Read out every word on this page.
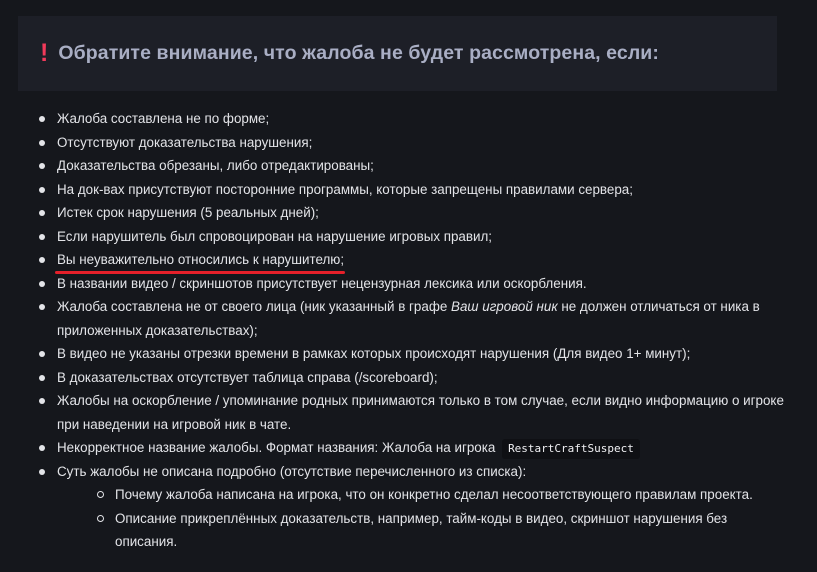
! Обратите внимание, что жалоба не будет рассмотрена, если:
Жалоба составлена не по форме;
Отсутствуют доказательства нарушения;
Доказательства обрезаны, либо отредактированы;
На док-вах присутствуют посторонние программы, которые запрещены правилами сервера;
Истек срок нарушения (5 реальных дней);
Если нарушитель был спровоцирован на нарушение игровых правил;
Вы неуважительно относились к нарушителю;
В названии видео / скриншотов присутствует нецензурная лексика или оскорбления.
Жалоба составлена не от своего лица (ник указанный в графе Ваш игровой ник не должен отличаться от ника в приложенных доказательствах);
В видео не указаны отрезки времени в рамках которых происходят нарушения (Для видео 1+ минут);
В доказательствах отсутствует таблица справа (/scoreboard);
Жалобы на оскорбление / упоминание родных принимаются только в том случае, если видно информацию о игроке при наведении на игровой ник в чате.
Некорректное название жалобы. Формат названия: Жалоба на игрока RestartCraftSuspect
Суть жалобы не описана подробно (отсутствие перечисленного из списка):
Почему жалоба написана на игрока, что он конкретно сделал несоответствующего правилам проекта.
Описание прикреплённых доказательств, например, тайм-коды в видео, скриншот нарушения без описания.
